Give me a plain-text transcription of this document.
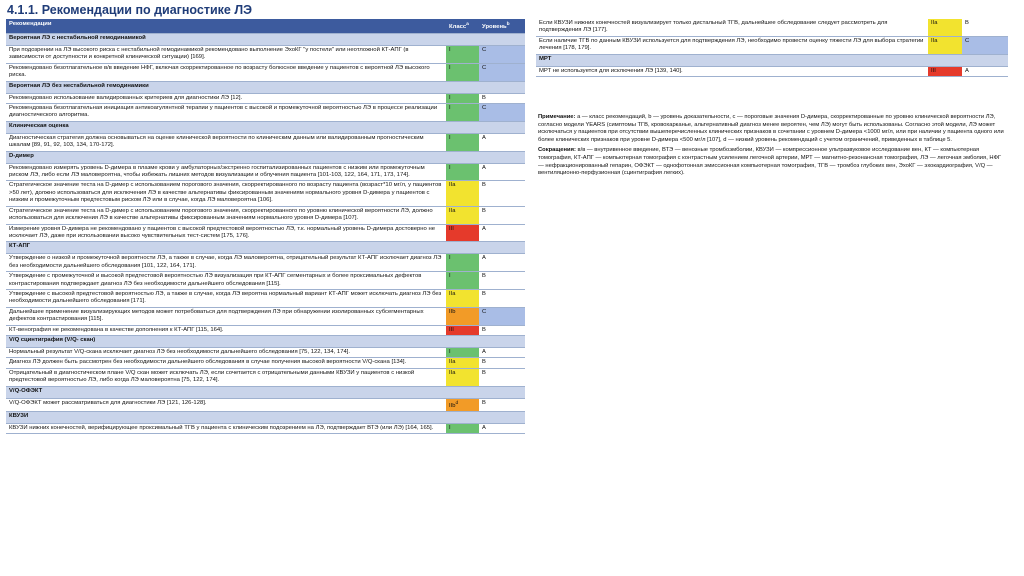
4.1.1. Рекомендации по диагностике ЛЭ
Рекомендации	Класс$^а$	Уровень$^b$
Вероятная ЛЭ с нестабильной гемодинамикой		
При подозрении на ЛЭ высокого риска с нестабильной гемодинамикой рекомендовано выполнение ЭхоКГ "у постели" или неотложной КТ-АПГ (в зависимости от доступности и конкретной клинической ситуации) [169].	I	C
Рекомендовано безотлагательное в/в введение НФГ, включая скорректированное по возрасту болюсное введение у пациентов с вероятной ЛЭ высокого риска.	I	C
Вероятная ЛЭ без нестабильной гемодинамики		
Рекомендовано использование валидированных критериев для диагностики ЛЭ [12].	I	B
Рекомендована безотлагательная инициация антикоагулянтной терапии у пациентов с высокой и промежуточной вероятностью ЛЭ в процессе реализации диагностического алгоритма.	I	C
Клиническая оценка		
Диагностическая стратегия должна основываться на оценке клинической вероятности по клиническим данным или валидированным прогностическим шкалам [89, 91, 92, 103, 134, 170-172].	I	A
D-димер		
Рекомендовано измерять уровень D-димера в плазме крови у амбулаторных/экстренно госпитализированных пациентов с низким или промежуточным риском ЛЭ, либо если ЛЭ маловероятна, чтобы избежать лишних методов визуализации и облучения пациента [101-103, 122, 164, 171, 173, 174].	I	A
Стратегическое значение теста на D-димер с использованием порогового значения, скорректированного по возрасту пациента (возраст*10 мг/л, у пациентов >50 лет), должно использоваться для исключения ЛЭ в качестве альтернативы фиксированным значениям нормального уровня D-димера у пациентов с низким и промежуточным предтестовым риском ЛЭ или в случае, когда ЛЭ маловероятна [106].	IIa	B
Стратегическое значение теста на D-димер с использованием порогового значения, скорректированного по уровню клинической вероятности ЛЭ, должно использоваться для исключения ЛЭ в качестве альтернативы фиксированным значениям нормального уровня D-димера [107].	IIa	B
Измерение уровня D-димера не рекомендовано у пациентов с высокой предтестовой вероятностью ЛЭ, т.к. нормальный уровень D-димера достоверно не исключает ЛЭ, даже при использовании высоко чувствительных тест-систем [175, 176].	III	A
КТ-АПГ		
Утверждение о низкой и промежуточной вероятности ЛЭ, а также в случае, когда ЛЭ маловероятна, отрицательный результат КТ-АПГ исключает диагноз ЛЭ без необходимости дальнейшего обследования [101, 122, 164, 171].	I	A
Утверждение с промежуточной и высокой предтестовой вероятностью ЛЭ визуализация при КТ-АПГ сегментарных и более проксимальных дефектов контрастирования подтверждает диагноз ЛЭ без необходимости дальнейшего обследования [115].	I	B
Утверждение с высокой предтестовой вероятностью ЛЭ, а также в случае, когда ЛЭ вероятна нормальный вариант КТ-АПГ может исключать диагноз ЛЭ без необходимости дальнейшего обследования [171].	IIa	B
Дальнейшее применение визуализирующих методов может потребоваться для подтверждения ЛЭ при обнаружении изолированных субсегментарных дефектов контрастирования [115].	IIb	C
КТ-венография не рекомендована в качестве дополнения к КТ-АПГ [115, 164].	III	B
V/Q сцинтиграфия (V/Q- скан)		
Нормальный результат V/Q-скана исключает диагноз ЛЭ без необходимости дальнейшего обследования [75, 122, 134, 174].	I	A
Диагноз ЛЭ должен быть рассмотрен без необходимости дальнейшего обследования в случае получения высокой вероятности V/Q-скана [134].	IIa	B
Отрицательный в диагностическом плане V/Q скан может исключать ЛЭ, если сочетается с отрицательными данными КВУЗИ у пациентов с низкой предтестовой вероятностью ЛЭ, либо когда ЛЭ маловероятна [75, 122, 174].	IIa	B
V/Q-ОФЭКТ		
V/Q-ОФЭКТ может рассматриваться для диагностики ЛЭ [121, 126-128].	IIb$^d$	B
КВУЗИ		
КВУЗИ нижних конечностей, верифицирующее проксимальный ТГВ у пациента с клиническим подозрением на ЛЭ, подтверждает ВТЭ (или ЛЭ) [164, 165].	I	A
Если КВУЗИ нижних конечностей визуализирует только дистальный ТГВ, дальнейшее обследование следует рассмотреть для подтверждения ЛЭ [177].	IIa	B
Если наличие ТГВ по данным КВУЗИ используется для подтверждения ЛЭ, необходимо провести оценку тяжести ЛЭ для выбора стратегии лечения [178, 179].	IIa	C
МРТ		
МРТ не используется для исключения ЛЭ [139, 140].	III	A

Примечание: а — класс рекомендаций, b — уровень доказательности, с — пороговые значения D-димера, скорректированные по уровню клинической вероятности ЛЭ, согласно модели YEARS (симптомы ТГВ, кровохарканье, альтернативный диагноз менее вероятен, чем ЛЭ) могут быть использованы. Согласно этой модели, ЛЭ может исключаться у пациентов при отсутствии вышеперечисленных клинических признаков в сочетании с уровнем D-димера <1000 мг/л, или при наличии у пациента одного или более клинических признаков при уровне D-димера <500 мг/л [107], d — низкий уровень рекомендаций с учетом ограничений, приведенных в таблице 5.

Сокращения: в/в — внутривенное введение, ВТЭ — венозные тромбоэмболии, КВУЗИ — компрессионное ультразвуковое исследование вен, КТ — компьютерная томография, КТ-АПГ — компьютерная томография с контрастным усилением легочной артерии, МРТ — магнитно-резонансная томография, ЛЭ — легочная эмболия, НФГ — нефракционированный гепарин, ОФЭКТ — однофотонная эмиссионная компьютерная томография, ТГВ — тромбоз глубоких вен, ЭхоКГ — эхокардиография, V/Q — вентиляционно-перфузионная (сцинтиграфия легких).
